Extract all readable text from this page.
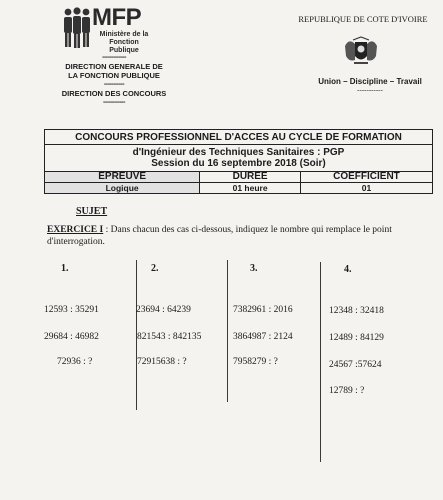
MFP
Ministère de la
Fonction Publique
-------------
DIRECTION GENERALE DE
LA FONCTION PUBLIQUE
-----------
DIRECTION DES CONCOURS
------------
REPUBLIQUE DE COTE D'IVOIRE
Union – Discipline – Travail
-----------
CONCOURS PROFESSIONNEL D'ACCES AU CYCLE DE FORMATION
d'Ingénieur des Techniques Sanitaires : PGP
Session du 16 septembre 2018 (Soir)
EPREUVE	DUREE	COEFFICIENT
Logique	01 heure	01
SUJET
EXERCICE I : Dans chacun des cas ci-dessous, indiquez le nombre qui remplace le point d'interrogation.
1.	2.	3.	4.
12593 : 35291
29684 : 46982
72936 : ?
23694 : 64239
821543 : 842135
72915638 : ?
7382961 : 2016
3864987 : 2124
7958279 : ?
12348 : 32418
12489 : 84129
24567 :57624
12789 : ?
